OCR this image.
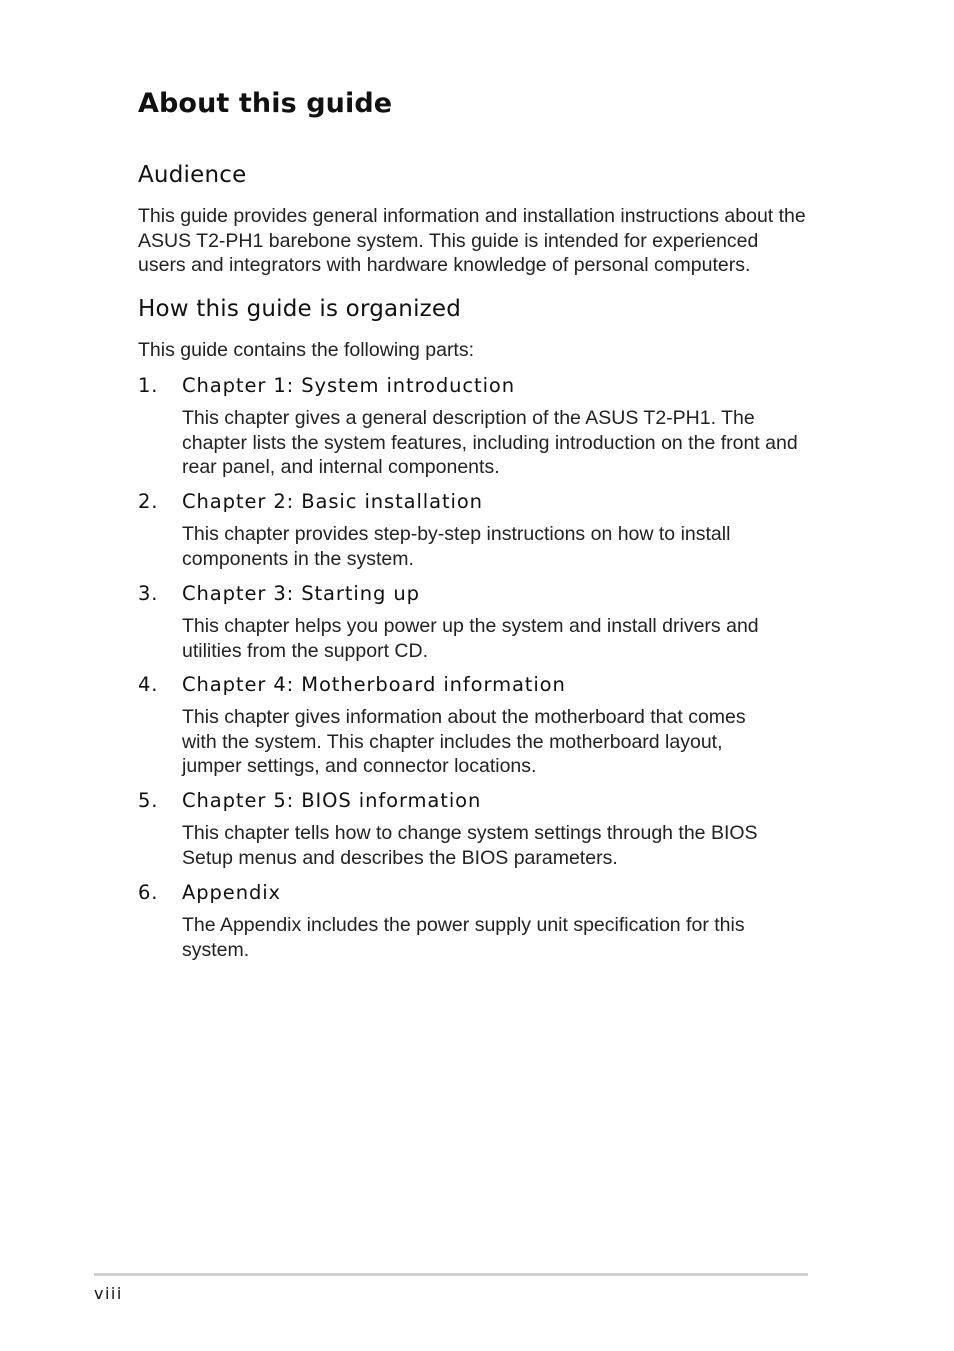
About this guide
Audience

This guide provides general information and installation instructions about the ASUS T2-PH1 barebone system. This guide is intended for experienced users and integrators with hardware knowledge of personal computers.

How this guide is organized

This guide contains the following parts:

1.	Chapter 1: System introduction
This chapter gives a general description of the ASUS T2-PH1. The chapter lists the system features, including introduction on the front and rear panel, and internal components.
2.	Chapter 2: Basic installation
This chapter provides step-by-step instructions on how to install components in the system.
3.	Chapter 3: Starting up
This chapter helps you power up the system and install drivers and utilities from the support CD.
4.	Chapter 4: Motherboard information
This chapter gives information about the motherboard that comes with the system. This chapter includes the motherboard layout, jumper settings, and connector locations.
5.	Chapter 5: BIOS information
This chapter tells how to change system settings through the BIOS Setup menus and describes the BIOS parameters.
6.	Appendix
The Appendix includes the power supply unit specification for this system.

viii
